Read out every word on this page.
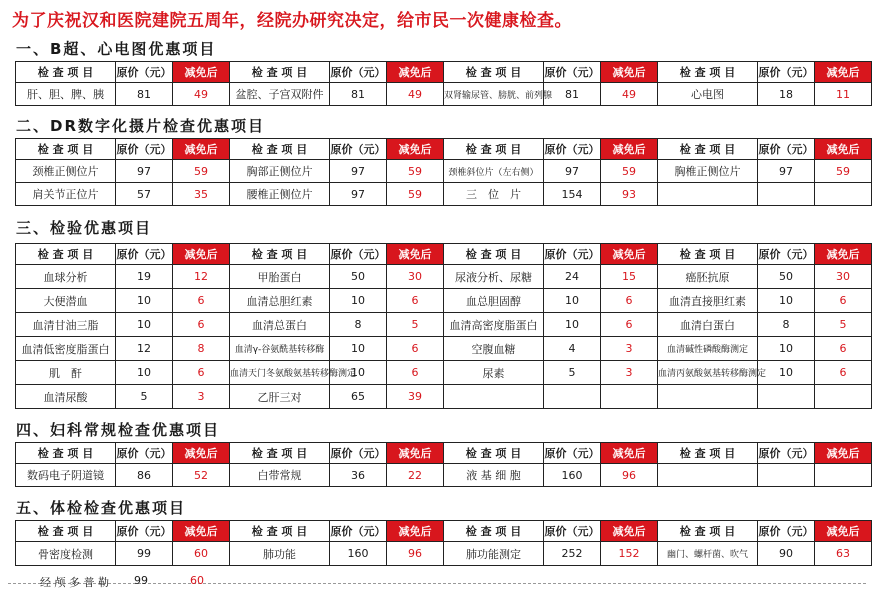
为了庆祝汉和医院建院五周年，经院办研究决定，给市民一次健康检查。
一、B超、心电图优惠项目
检 查 项 目	原价（元）	减免后	检 查 项 目	原价（元）	减免后	检 查 项 目	原价（元）	减免后	检 查 项 目	原价（元）	减免后
肝、胆、脾、胰	81	49	盆腔、子宫双附件	81	49	双肾输尿管、膀胱、前列腺	81	49	心电图	18	11
二、DR数字化摄片检查优惠项目
检 查 项 目	原价（元）	减免后	检 查 项 目	原价（元）	减免后	检 查 项 目	原价（元）	减免后	检 查 项 目	原价（元）	减免后
颈椎正侧位片	97	59	胸部正侧位片	97	59	颈椎斜位片（左右侧）	97	59	胸椎正侧位片	97	59
肩关节正位片	57	35	腰椎正侧位片	97	59	三　位　片	154	93			
三、检验优惠项目
检 查 项 目	原价（元）	减免后	检 查 项 目	原价（元）	减免后	检 查 项 目	原价（元）	减免后	检 查 项 目	原价（元）	减免后
血球分析	19	12	甲胎蛋白	50	30	尿液分析、尿糖	24	15	癌胚抗原	50	30
大便潜血	10	6	血清总胆红素	10	6	血总胆固醇	10	6	血清直接胆红素	10	6
血清甘油三脂	10	6	血清总蛋白	8	5	血清高密度脂蛋白	10	6	血清白蛋白	8	5
血清低密度脂蛋白	12	8	血清γ-谷氨酰基转移酶	10	6	空腹血糖	4	3	血清碱性磷酸酶测定	10	6
肌　酐	10	6	血清天门冬氨酸氨基转移酶测定	10	6	尿素	5	3	血清丙氨酸氨基转移酶测定	10	6
血清尿酸	5	3	乙肝三对	65	39						
四、妇科常规检查优惠项目
检 查 项 目	原价（元）	减免后	检 查 项 目	原价（元）	减免后	检 查 项 目	原价（元）	减免后	检 查 项 目	原价（元）	减免后
数码电子阴道镜	86	52	白带常规	36	22	液 基 细 胞	160	96			
五、体检检查优惠项目
检 查 项 目	原价（元）	减免后	检 查 项 目	原价（元）	减免后	检 查 项 目	原价（元）	减免后	检 查 项 目	原价（元）	减免后
骨密度检测	99	60	肺功能	160	96	肺功能测定	252	152	幽门、螺杆菌、吹气	90	63
经 颅 多 普 勒 99	60
